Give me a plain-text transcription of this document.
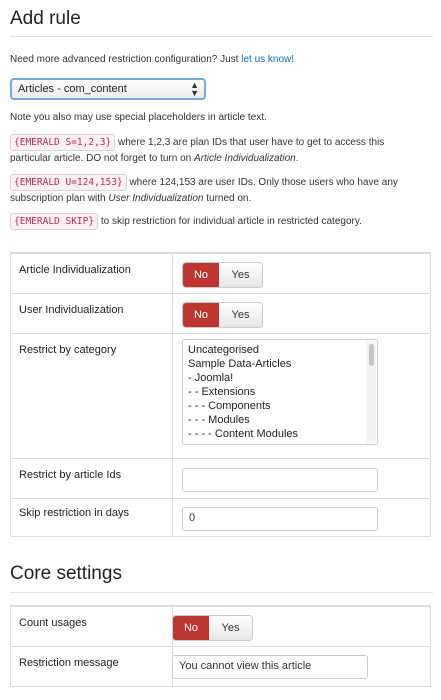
Add rule
Need more advanced restriction configuration? Just let us know!
Articles - com_content	▲
▼
Note you also may use special placeholders in article text.
{EMERALD S=1,2,3} where 1,2,3 are plan IDs that user have to get to access this particular article. DO not forget to turn on Article Individualization.
{EMERALD U=124,153} where 124,153 are user IDs. Only those users who have any subscription plan with User Individualization turned on.
{EMERALD SKIP} to skip restriction for individual article in restricted category.
Article Individualization	No	Yes
User Individualization	No	Yes
Restrict by category	Uncategorised
Sample Data-Articles
- Joomla!
- - Extensions
- - - Components
- - - Modules
- - - - Content Modules
Restrict by article Ids
Skip restriction in days	0
Core settings
Count usages	No	Yes
Restriction message	You cannot view this article
